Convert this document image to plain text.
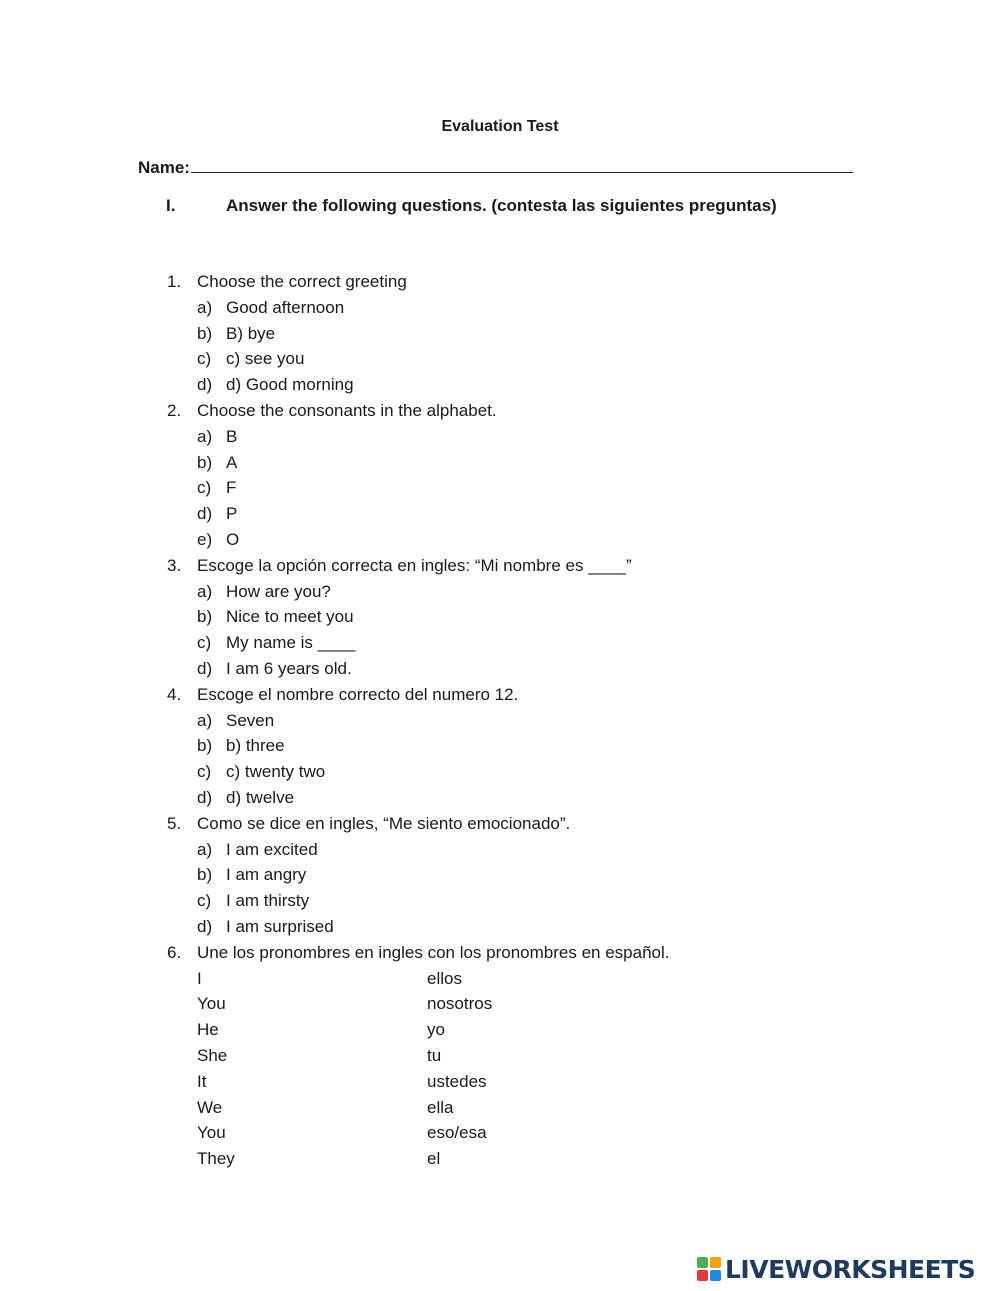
Evaluation Test
Name:
I.	Answer the following questions. (contesta las siguientes preguntas)
1. Choose the correct greeting
a) Good afternoon
b) B) bye
c) c) see you
d) d) Good morning
2. Choose the consonants in the alphabet.
a) B
b) A
c) F
d) P
e) O
3. Escoge la opción correcta en ingles: “Mi nombre es ____”
a) How are you?
b) Nice to meet you
c) My name is ____
d) I am 6 years old.
4. Escoge el nombre correcto del numero 12.
a) Seven
b) b) three
c) c) twenty two
d) d) twelve
5. Como se dice en ingles, “Me siento emocionado”.
a) I am excited
b) I am angry
c) I am thirsty
d) I am surprised
6. Une los pronombres en ingles con los pronombres en español.
I	ellos
You	nosotros
He	yo
She	tu
It	ustedes
We	ella
You	eso/esa
They	el
LIVEWORKSHEETS
